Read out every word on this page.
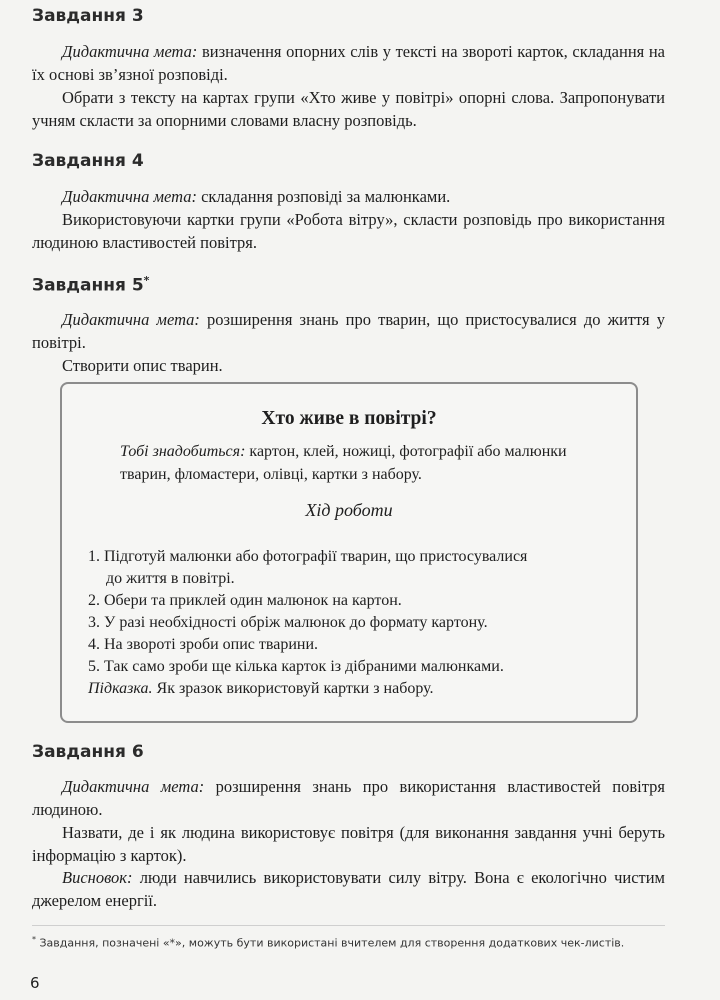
Завдання 3

Дидактична мета: визначення опорних слів у тексті на звороті карток, складання на їх основі зв’язної розповіді.

Обрати з тексту на картах групи «Хто живе у повітрі» опорні слова. Запропонувати учням скласти за опорними словами власну розповідь.

Завдання 4

Дидактична мета: складання розповіді за малюнками.

Використовуючи картки групи «Робота вітру», скласти розповідь про використання людиною властивостей повітря.

Завдання 5*

Дидактична мета: розширення знань про тварин, що пристосувалися до життя у повітрі.

Створити опис тварин.

Хто живе в повітрі?

Тобі знадобиться: картон, клей, ножиці, фотографії або малюнки тварин, фломастери, олівці, картки з набору.

Хід роботи

1. Підготуй малюнки або фотографії тварин, що пристосувалися
до життя в повітрі.
2. Обери та приклей один малюнок на картон.
3. У разі необхідності обріж малюнок до формату картону.
4. На звороті зроби опис тварини.
5. Так само зроби ще кілька карток із дібраними малюнками.
Підказка. Як зразок використовуй картки з набору.
Завдання 6

Дидактична мета: розширення знань про використання властивостей повітря людиною.

Назвати, де і як людина використовує повітря (для виконання завдання учні беруть інформацію з карток).

Висновок: люди навчились використовувати силу вітру. Вона є екологічно чистим джерелом енергії.

* Завдання, позначені «*», можуть бути використані вчителем для створення додаткових чек-листів.

6
